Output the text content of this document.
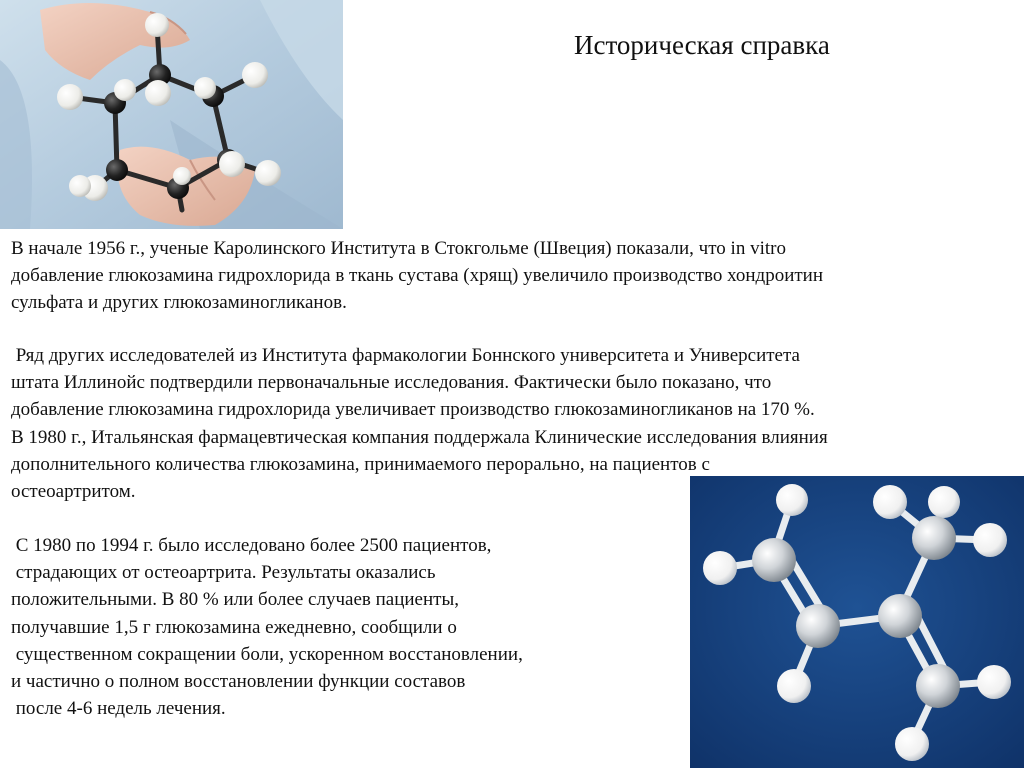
Историческая справка
В начале 1956 г., ученые Каролинского Института в Стокгольме (Швеция) показали, что in vitro
добавление глюкозамина гидрохлорида в ткань сустава (хрящ) увеличило производство хондроитин
сульфата и других глюкозаминогликанов.
Ряд других исследователей из Института фармакологии Боннского университета и Университета
штата Иллинойс подтвердили первоначальные исследования. Фактически было показано, что
добавление глюкозамина гидрохлорида увеличивает производство глюкозаминогликанов на 170 %.
В 1980 г., Итальянская фармацевтическая компания поддержала Клинические исследования влияния
дополнительного количества глюкозамина, принимаемого перорально, на пациентов с
остеоартритом.
С 1980 по 1994 г. было исследовано более 2500 пациентов,
страдающих от остеоартрита. Результаты оказались
положительными. В 80 % или более случаев пациенты,
получавшие 1,5 г глюкозамина ежедневно, сообщили о
существенном сокращении боли, ускоренном восстановлении,
и частично о полном восстановлении функции составов
после 4-6 недель лечения.
